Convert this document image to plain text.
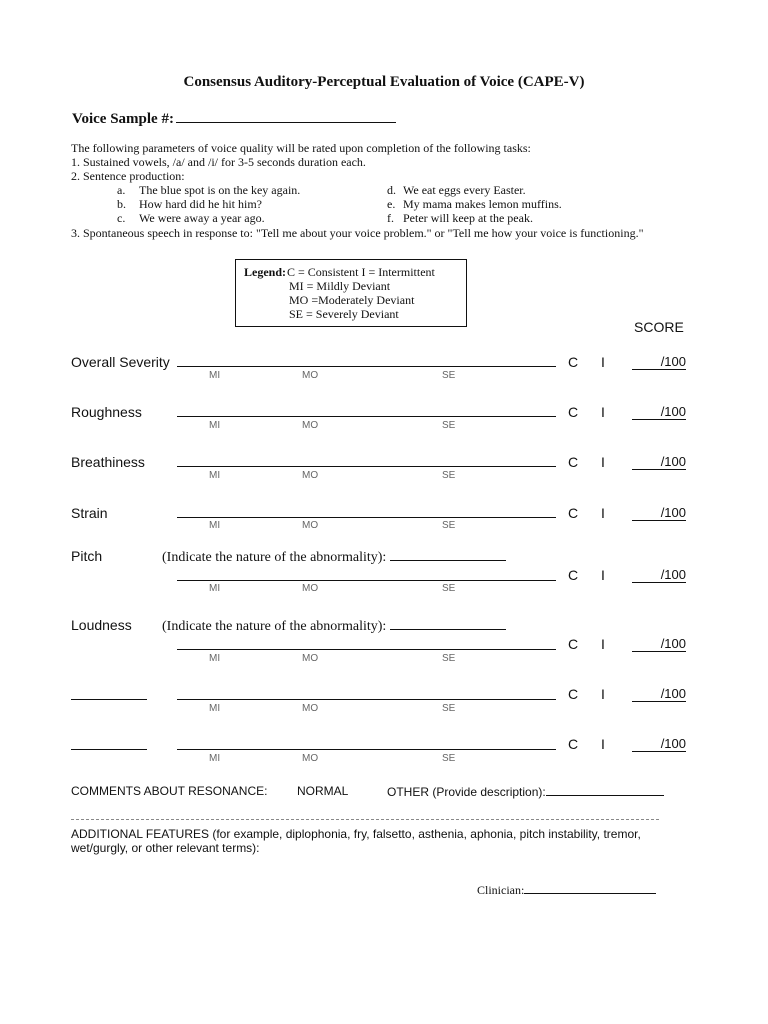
Consensus Auditory-Perceptual Evaluation of Voice (CAPE-V)
Voice Sample #:
The following parameters of voice quality will be rated upon completion of the following tasks:
1. Sustained vowels, /a/ and /i/ for 3-5 seconds duration each.
2. Sentence production:
a. The blue spot is on the key again.
b. How hard did he hit him?
c. We were away a year ago.
d. We eat eggs every Easter.
e. My mama makes lemon muffins.
f. Peter will keep at the peak.
3. Spontaneous speech in response to: "Tell me about your voice problem." or "Tell me how your voice is functioning."
Legend: C = Consistent I = Intermittent
MI = Mildly Deviant
MO =Moderately Deviant
SE = Severely Deviant
SCORE
Overall Severity
MI	MO	SE
C I	/100
Roughness
MI	MO	SE
C I	/100
Breathiness
MI	MO	SE
C I	/100
Strain
MI	MO	SE
C I	/100
Pitch	(Indicate the nature of the abnormality):
MI	MO	SE
C I	/100
Loudness (Indicate the nature of the abnormality):
MI	MO	SE
C I	/100
MI	MO	SE
C I	/100
MI	MO	SE
C I	/100
COMMENTS ABOUT RESONANCE: NORMAL	OTHER (Provide description):
ADDITIONAL FEATURES (for example, diplophonia, fry, falsetto, asthenia, aphonia, pitch instability, tremor,
wet/gurgly, or other relevant terms):
Clinician:
